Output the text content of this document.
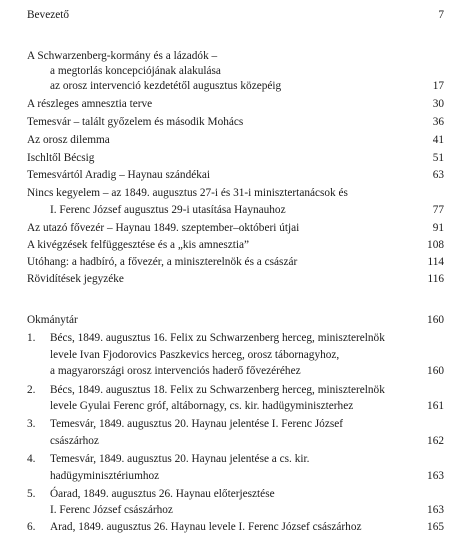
Bevezető	7
A Schwarzenberg-kormány és a lázadók –
a megtorlás koncepciójának alakulása
az orosz intervenció kezdetétől augusztus közepéig	17
A részleges amnesztia terve	30
Temesvár – talált győzelem és második Mohács	36
Az orosz dilemma	41
Ischltől Bécsig	51
Temesvártól Aradig – Haynau szándékai	63
Nincs kegyelem – az 1849. augusztus 27-i és 31-i minisztertanácsok és
I. Ferenc József augusztus 29-i utasítása Haynauhoz	77
Az utazó fővezér – Haynau 1849. szeptember–októberi útjai	91
A kivégzések felfüggesztése és a „kis amnesztia”	108
Utóhang: a hadbíró, a fővezér, a miniszterelnök és a császár	114
Rövidítések jegyzéke	116
Okmánytár	160
1. Bécs, 1849. augusztus 16. Felix zu Schwarzenberg herceg, miniszterelnök
levele Ivan Fjodorovics Paszkevics herceg, orosz tábornagyhoz,
a magyarországi orosz intervenciós haderő fővezéréhez	160
2. Bécs, 1849. augusztus 18. Felix zu Schwarzenberg herceg, miniszterelnök
levele Gyulai Ferenc gróf, altábornagy, cs. kir. hadügyminiszterhez	161
3. Temesvár, 1849. augusztus 20. Haynau jelentése I. Ferenc József
császárhoz	162
4. Temesvár, 1849. augusztus 20. Haynau jelentése a cs. kir.
hadügyminisztériumhoz	163
5. Óarad, 1849. augusztus 26. Haynau előterjesztése
I. Ferenc József császárhoz	163
6. Arad, 1849. augusztus 26. Haynau levele I. Ferenc József császárhoz	165
